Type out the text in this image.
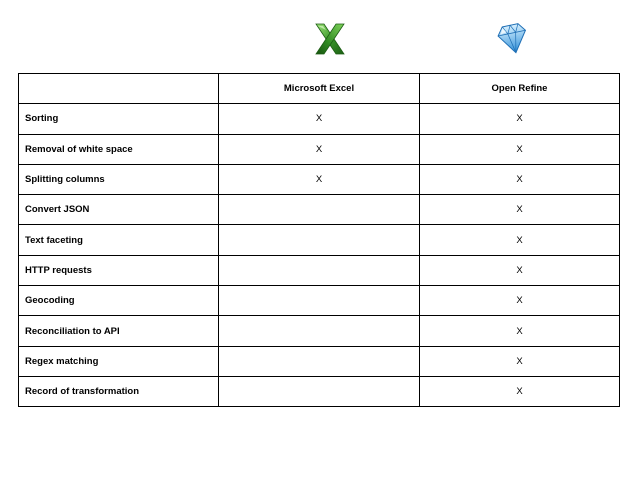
	Microsoft Excel	Open Refine
Sorting	X	X
Removal of white space	X	X
Splitting columns	X	X
Convert JSON		X
Text faceting		X
HTTP requests		X
Geocoding		X
Reconciliation to API		X
Regex matching		X
Record of transformation		X
